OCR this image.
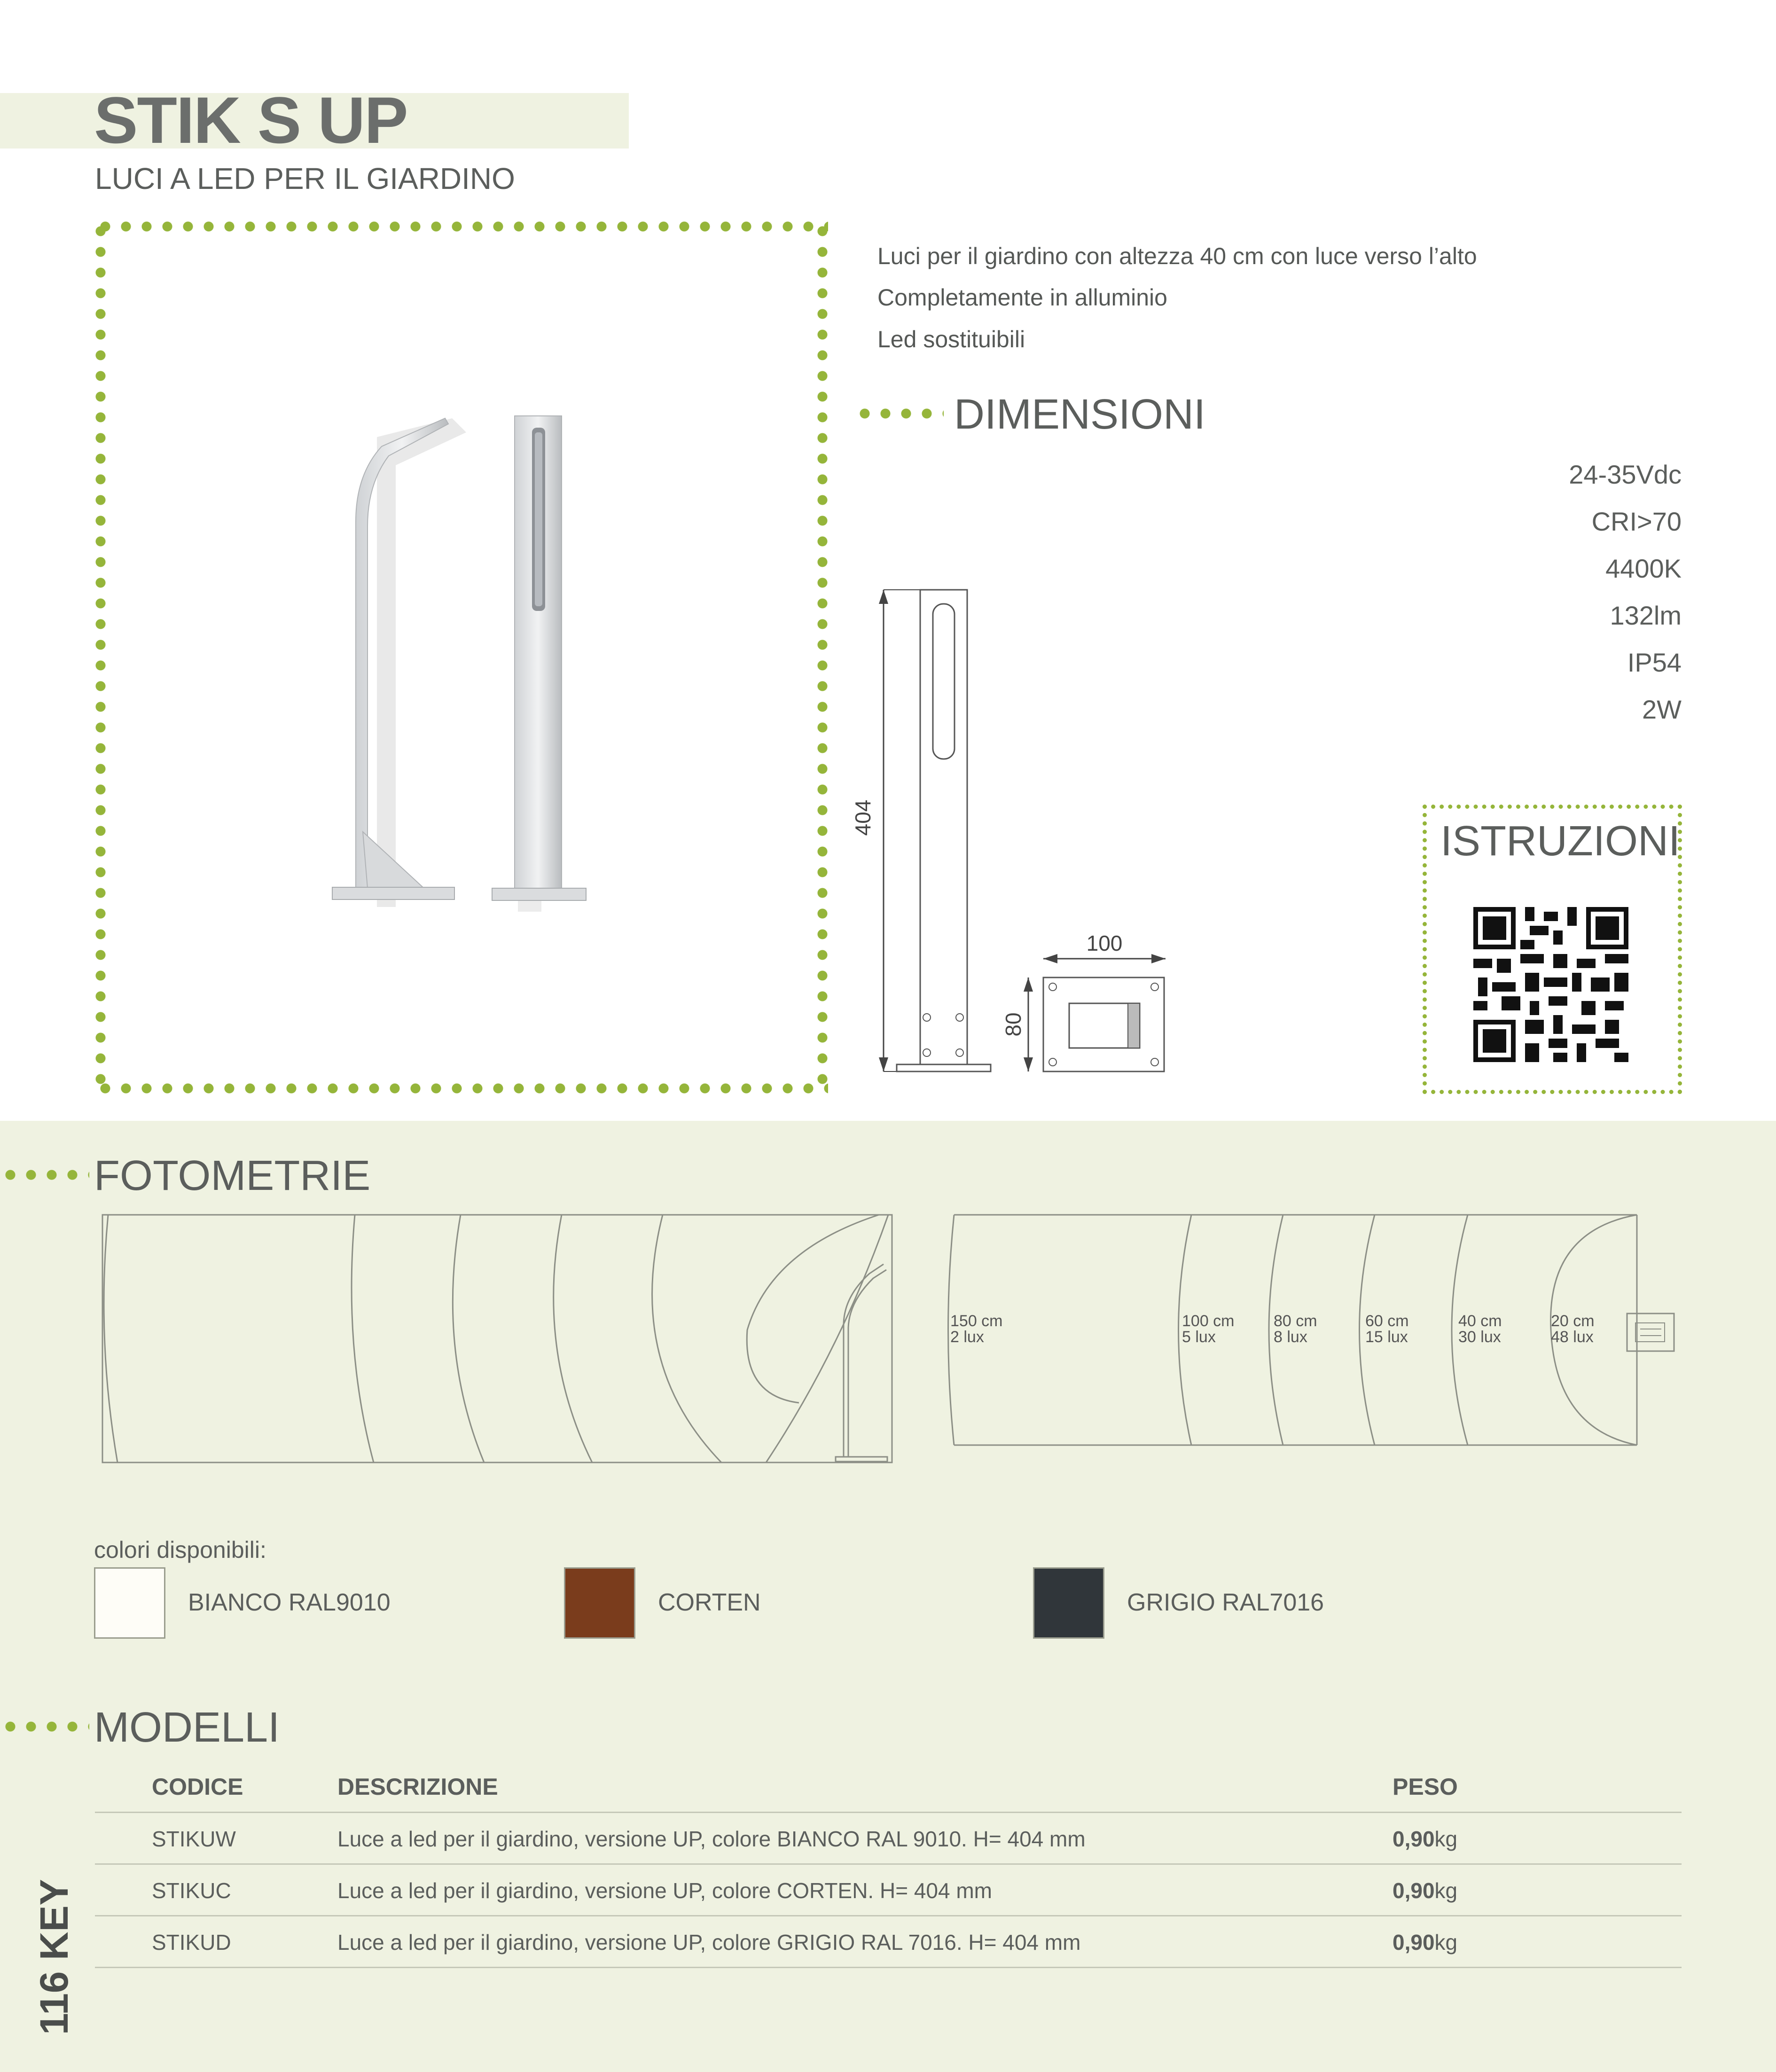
STIK S UP
LUCI A LED PER IL GIARDINO
Luci per il giardino con altezza 40 cm con luce verso l’alto
Completamente in alluminio
Led sostituibili
DIMENSIONI
24-35Vdc
CRI>70
4400K
132lm
IP54
2W
404
100
80
ISTRUZIONI
FOTOMETRIE
150 cm
2 lux
100 cm
5 lux
80 cm
8 lux
60 cm
15 lux
40 cm
30 lux
20 cm
48 lux
colori disponibili:
BIANCO RAL9010	CORTEN	GRIGIO RAL7016
MODELLI
CODICE	DESCRIZIONE	PESO
STIKUW	Luce a led per il giardino, versione UP, colore BIANCO RAL 9010. H= 404 mm	0,90kg
STIKUC	Luce a led per il giardino, versione UP, colore CORTEN. H= 404 mm	0,90kg
STIKUD	Luce a led per il giardino, versione UP, colore GRIGIO RAL 7016. H= 404 mm	0,90kg
116 KEY
